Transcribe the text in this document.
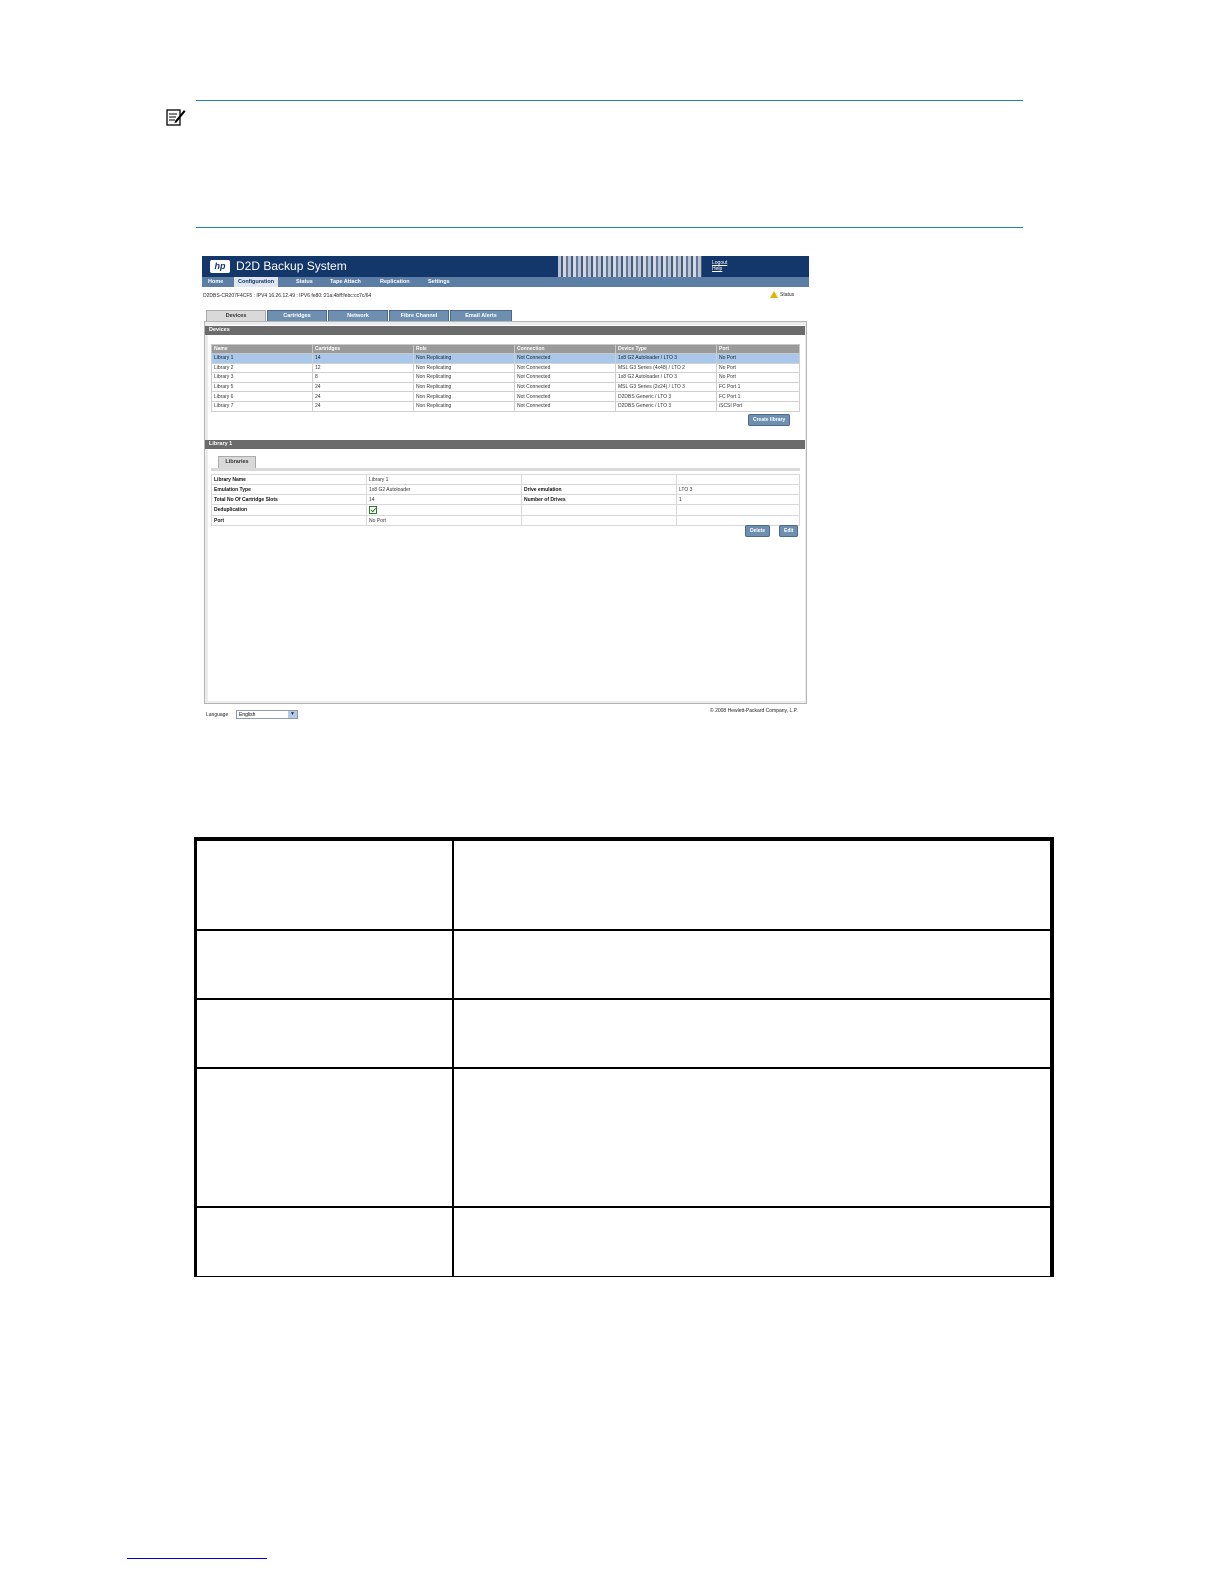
hp D2D Backup System	Logout
Help
Home	Configuration	Status	Tape Attach	Replication	Settings
D2DBS-CR207F4CF5 : IPV4 16.26.12.49 : IPV6 fe80::21a:4bff:febc:cc7c/64	Status
Devices	Cartridges	Network	Fibre Channel	Email Alerts
Devices
Name	Cartridges	Role	Connection	Device Type	Port
Library 1	14	Non Replicating	Not Connected	1x8 G2 Autoloader / LTO 3	No Port
Library 2	12	Non Replicating	Not Connected	MSL G3 Series (4x48) / LTO 2	No Port
Library 3	8	Non Replicating	Not Connected	1x8 G2 Autoloader / LTO 3	No Port
Library 5	24	Non Replicating	Not Connected	MSL G3 Series (2x24) / LTO 3	FC Port 1
Library 6	24	Non Replicating	Not Connected	D2DBS Generic / LTO 3	FC Port 1
Library 7	24	Non Replicating	Not Connected	D2DBS Generic / LTO 3	iSCSI Port
Create library
Library 1
Libraries
Library Name	Library 1		
Emulation Type	1x8 G2 Autoloader	Drive emulation	LTO 3
Total No Of Cartridge Slots	14	Number of Drives	1
Deduplication			
Port	No Port		
Delete	Edit
Language	English	▼	© 2008 Hewlett-Packard Company, L.P.
